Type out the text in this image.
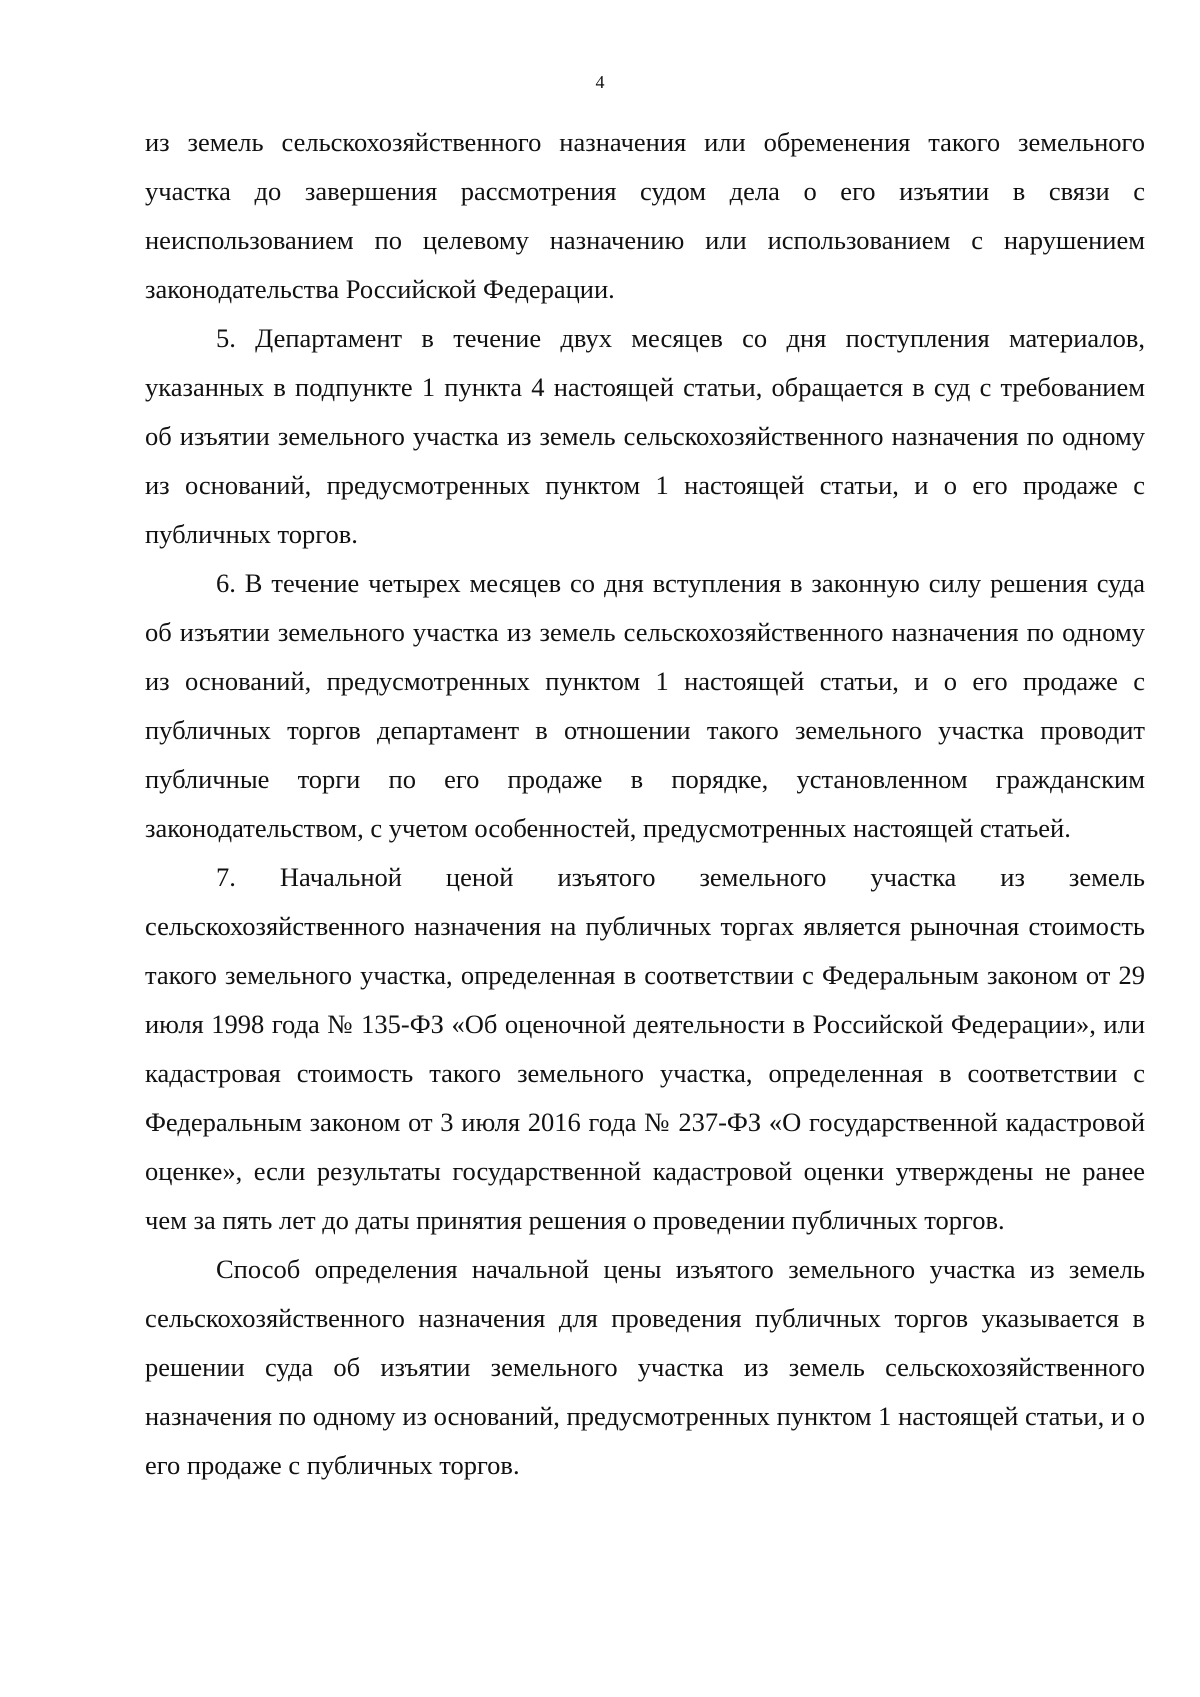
4

из земель сельскохозяйственного назначения или обременения такого земельного участка до завершения рассмотрения судом дела о его изъятии в связи с неиспользованием по целевому назначению или использованием с нарушением законодательства Российской Федерации.

5. Департамент в течение двух месяцев со дня поступления материалов, указанных в подпункте 1 пункта 4 настоящей статьи, обращается в суд с требованием об изъятии земельного участка из земель сельскохозяйственного назначения по одному из оснований, предусмотренных пунктом 1 настоящей статьи, и о его продаже с публичных торгов.

6. В течение четырех месяцев со дня вступления в законную силу решения суда об изъятии земельного участка из земель сельскохозяйственного назначения по одному из оснований, предусмотренных пунктом 1 настоящей статьи, и о его продаже с публичных торгов департамент в отношении такого земельного участка проводит публичные торги по его продаже в порядке, установленном гражданским законодательством, с учетом особенностей, предусмотренных настоящей статьей.

7. Начальной ценой изъятого земельного участка из земель сельскохозяйственного назначения на публичных торгах является рыночная стоимость такого земельного участка, определенная в соответствии с Федеральным законом от 29 июля 1998 года № 135-ФЗ «Об оценочной деятельности в Российской Федерации», или кадастровая стоимость такого земельного участка, определенная в соответствии с Федеральным законом от 3 июля 2016 года № 237-ФЗ «О государственной кадастровой оценке», если результаты государственной кадастровой оценки утверждены не ранее чем за пять лет до даты принятия решения о проведении публичных торгов.

Способ определения начальной цены изъятого земельного участка из земель сельскохозяйственного назначения для проведения публичных торгов указывается в решении суда об изъятии земельного участка из земель сельскохозяйственного назначения по одному из оснований, предусмотренных пунктом 1 настоящей статьи, и о его продаже с публичных торгов.
